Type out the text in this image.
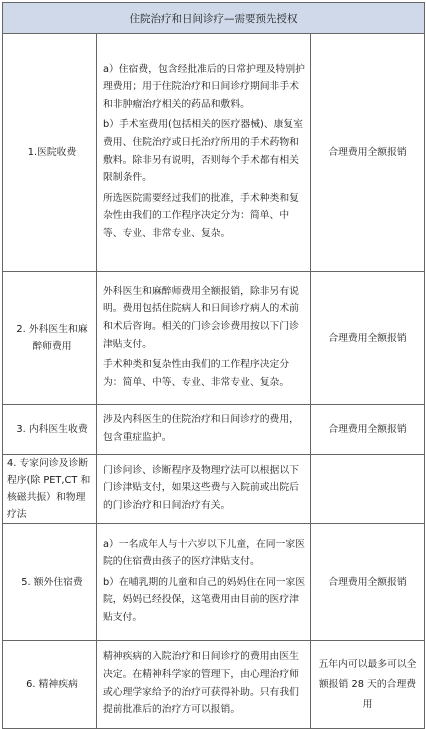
住院治疗和日间诊疗—需要预先授权		
1.医院收费	a）住宿费，包含经批准后的日常护理及特别护理费用；用于住院治疗和日间诊疗期间非手术和非肿瘤治疗相关的药品和敷料。

b）手术室费用(包括相关的医疗器械)、康复室费用、住院治疗或日托治疗所用的手术药物和敷料。除非另有说明，否则每个手术都有相关限制条件。

所选医院需要经过我们的批准，手术种类和复杂性由我们的工作程序决定分为：简单、中等、专业、非常专业、复杂。	合理费用全额报销
2. 外科医生和麻醉师费用	外科医生和麻醉师费用全额报销，除非另有说明。费用包括住院病人和日间诊疗病人的术前和术后咨询。相关的门诊会诊费用按以下门诊津贴支付。

手术种类和复杂性由我们的工作程序决定分为：简单、中等、专业、非常专业、复杂。	合理费用全额报销
3. 内科医生收费	涉及内科医生的住院治疗和日间诊疗的费用，包含重症监护。	合理费用全额报销
4. 专家问诊及诊断程序(除 PET,CT 和核磁共振）和物理疗法	门诊问诊、诊断程序及物理疗法可以根据以下门诊津贴支付，如果这些费与入院前或出院后的门诊治疗和日间治疗有关。	

5. 额外住宿费	a）一名成年人与十六岁以下儿童，在同一家医院的住宿费由孩子的医疗津贴支付。

b）在哺乳期的儿童和自己的妈妈住在同一家医院，妈妈已经投保，这笔费用由目前的医疗津贴支付。	合理费用全额报销
6. 精神疾病	精神疾病的入院治疗和日间诊疗的费用由医生决定。在精神科学家的管理下，由心理治疗师或心理学家给予的治疗可获得补助。只有我们提前批准后的治疗方可以报销。	五年内可以最多可以全额报销 28 天的合理费用
